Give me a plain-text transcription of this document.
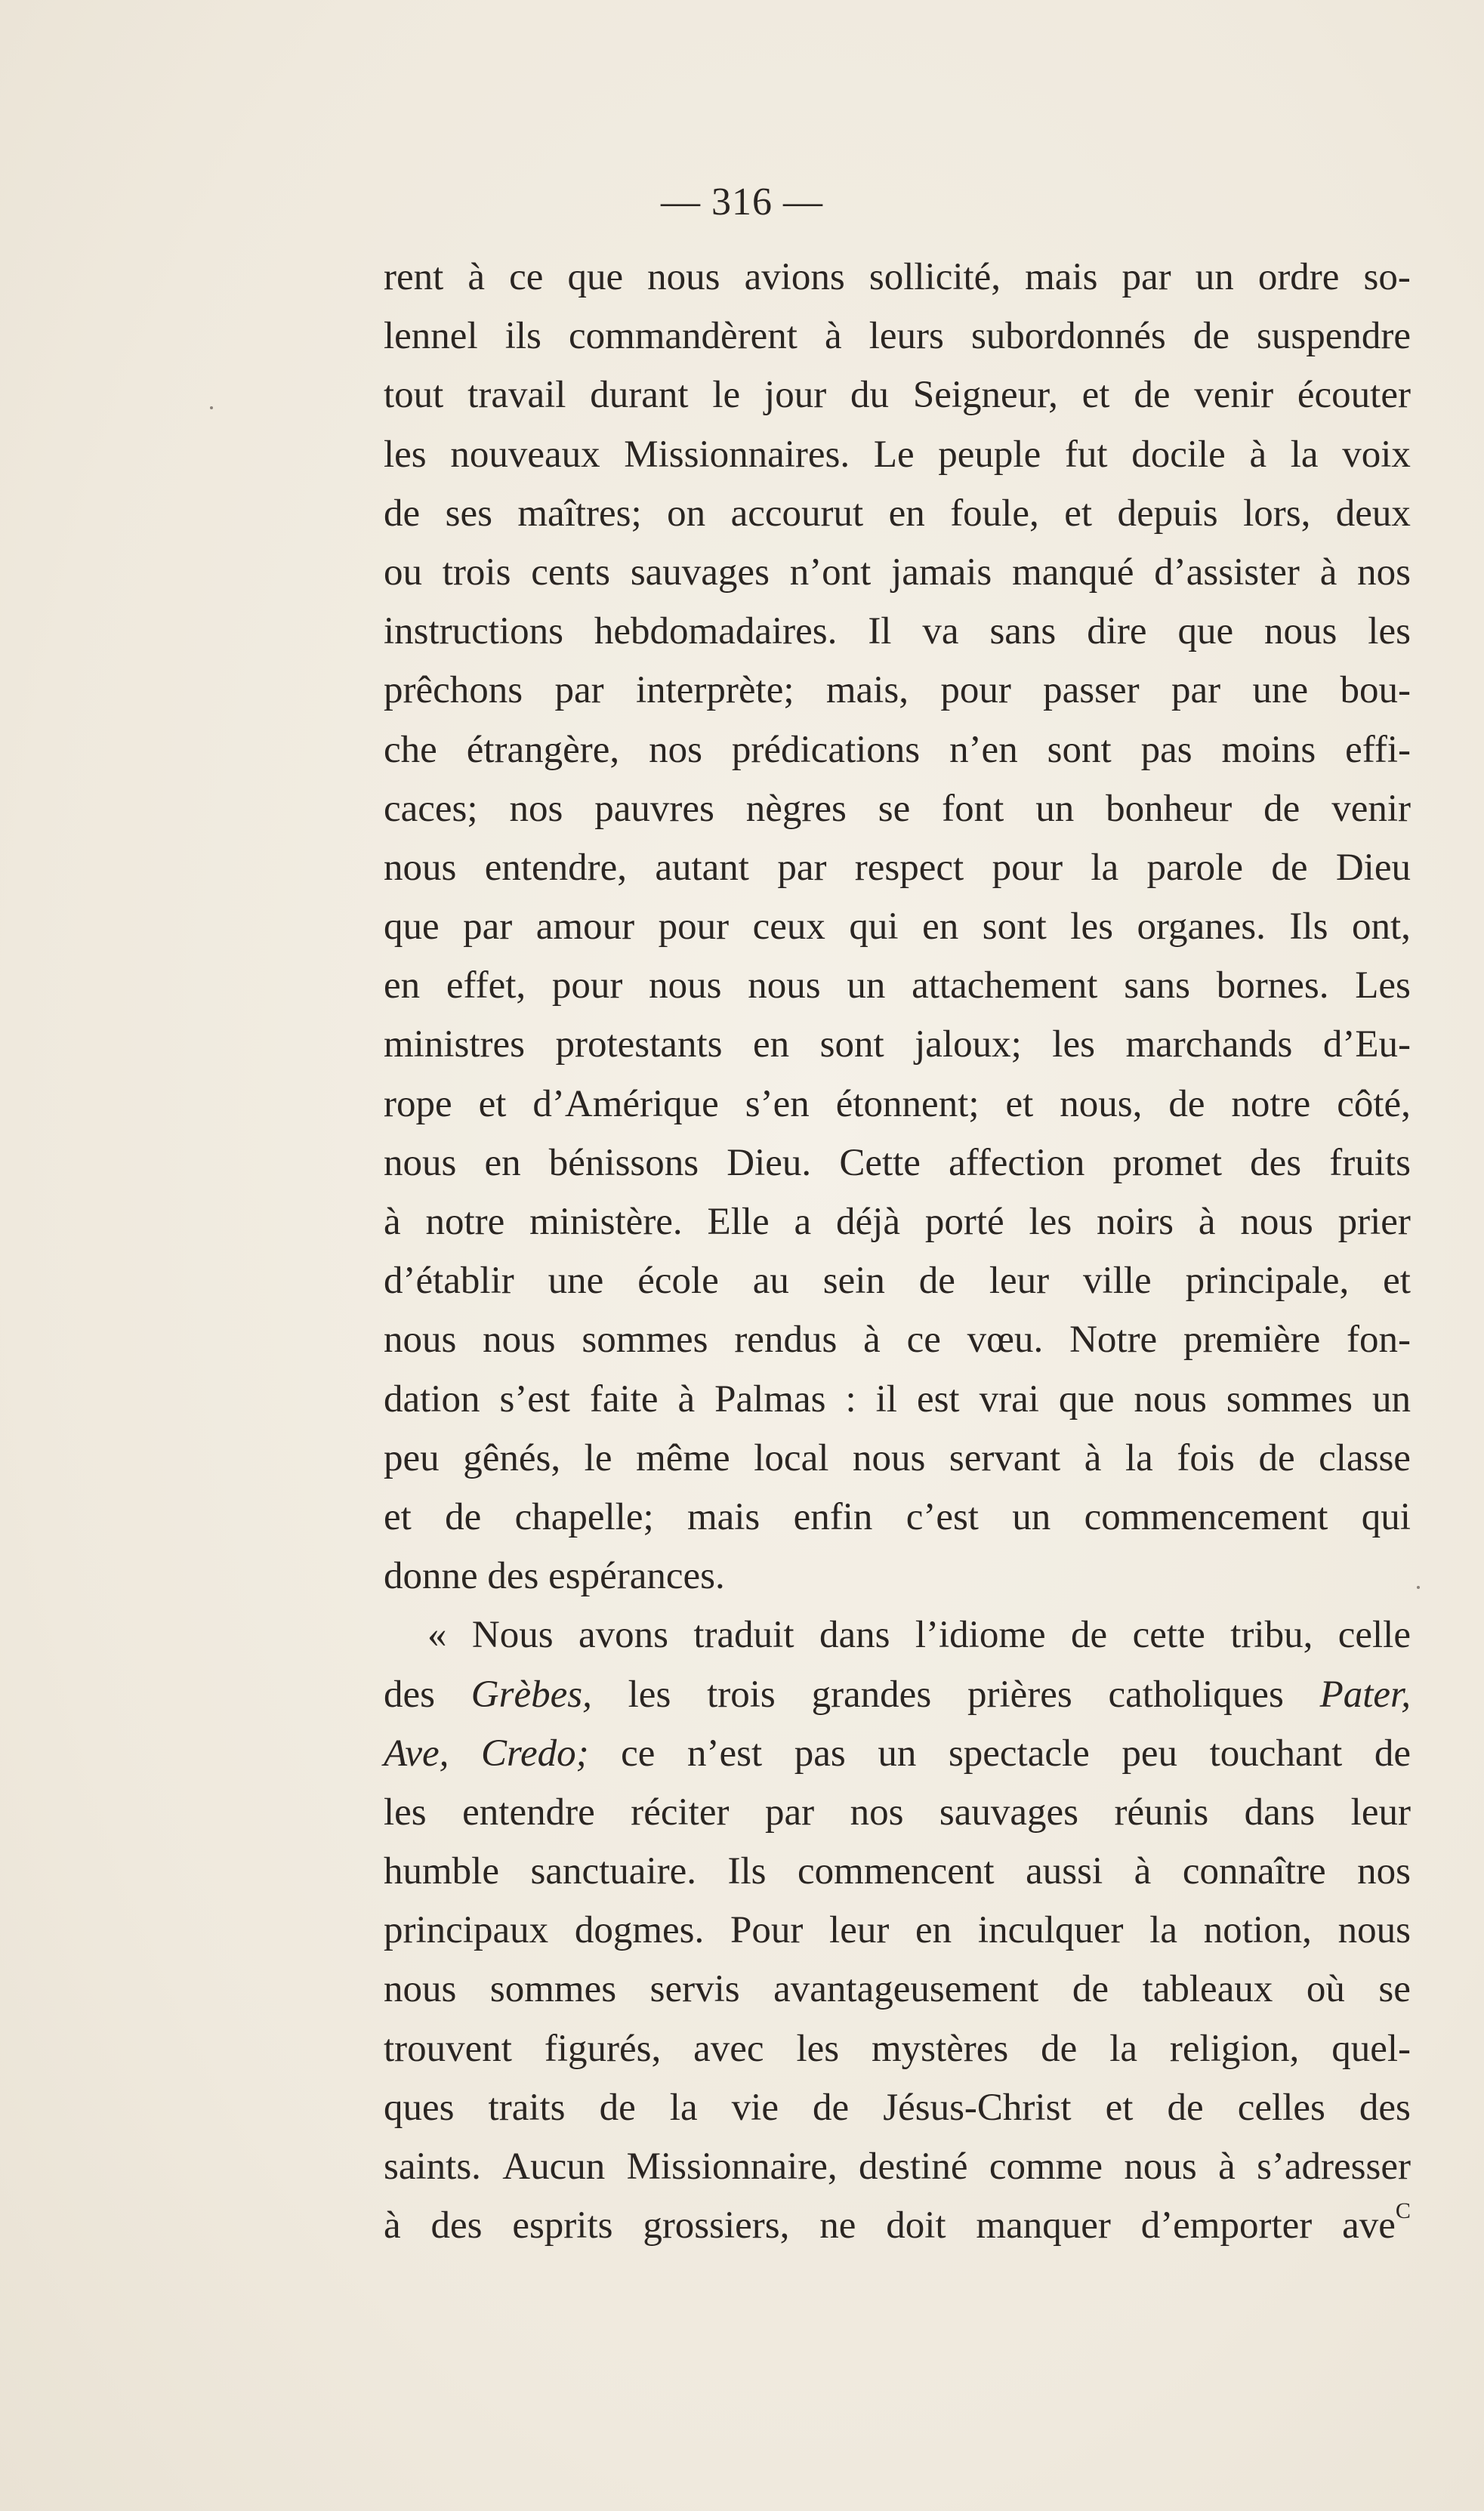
— 316 —
rent à ce que nous avions sollicité, mais par un ordre so-
lennel ils commandèrent à leurs subordonnés de suspendre
tout travail durant le jour du Seigneur, et de venir écouter
les nouveaux Missionnaires. Le peuple fut docile à la voix
de ses maîtres; on accourut en foule, et depuis lors, deux
ou trois cents sauvages n’ont jamais manqué d’assister à nos
instructions hebdomadaires. Il va sans dire que nous les
prêchons par interprète; mais, pour passer par une bou-
che étrangère, nos prédications n’en sont pas moins effi-
caces; nos pauvres nègres se font un bonheur de venir
nous entendre, autant par respect pour la parole de Dieu
que par amour pour ceux qui en sont les organes. Ils ont,
en effet, pour nous nous un attachement sans bornes. Les
ministres protestants en sont jaloux; les marchands d’Eu-
rope et d’Amérique s’en étonnent; et nous, de notre côté,
nous en bénissons Dieu. Cette affection promet des fruits
à notre ministère. Elle a déjà porté les noirs à nous prier
d’établir une école au sein de leur ville principale, et
nous nous sommes rendus à ce vœu. Notre première fon-
dation s’est faite à Palmas : il est vrai que nous sommes un
peu gênés, le même local nous servant à la fois de classe
et de chapelle; mais enfin c’est un commencement qui
donne
des
espérances.

« Nous avons traduit dans l’idiome de cette tribu, celle
des Grèbes, les trois grandes prières catholiques Pater,
Ave, Credo; ce n’est pas un spectacle peu touchant de
les entendre réciter par nos sauvages réunis dans leur
humble sanctuaire. Ils commencent aussi à connaître nos
principaux dogmes. Pour leur en inculquer la notion, nous
nous sommes servis avantageusement de tableaux où se
trouvent figurés, avec les mystères de la religion, quel-
ques traits de la vie de Jésus-Christ et de celles des
saints. Aucun Missionnaire, destiné comme nous à s’adresser
à des esprits grossiers, ne doit manquer d’emporter aveC
